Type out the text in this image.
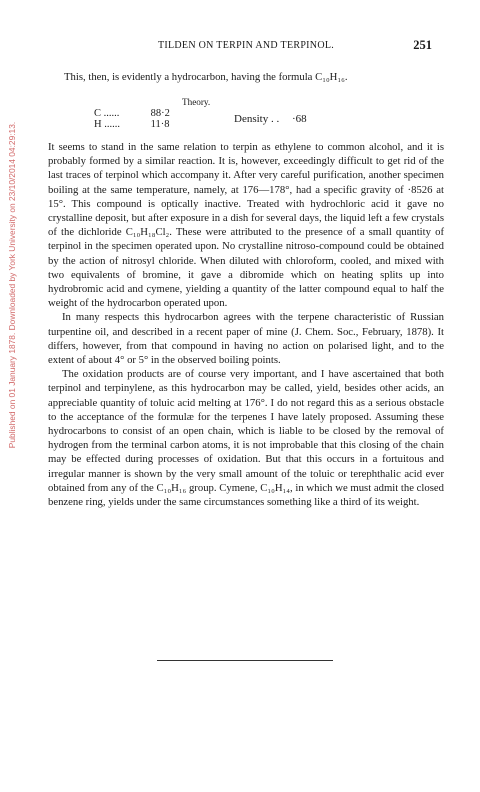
Published on 01 January 1878. Downloaded by York University on 23/10/2014 04:29:13.
TILDEN ON TERPIN AND TERPINOL.	251

This, then, is evidently a hydrocarbon, having the formula C₁₀H₁₆.

Theory.
C ......	88·2
H ......	11·8	Density . . ·68

It seems to stand in the same relation to terpin as ethylene to common alcohol, and it is probably formed by a similar reaction. It is, however, exceedingly difficult to get rid of the last traces of terpinol which accompany it. After very careful purification, another specimen boiling at the same temperature, namely, at 176—178°, had a specific gravity of ·8526 at 15°. This compound is optically inactive. Treated with hydrochloric acid it gave no crystalline deposit, but after exposure in a dish for several days, the liquid left a few crystals of the dichloride C₁₀H₁₈Cl₂. These were attributed to the presence of a small quantity of terpinol in the specimen operated upon. No crystalline nitroso-compound could be obtained by the action of nitrosyl chloride. When diluted with chloroform, cooled, and mixed with two equivalents of bromine, it gave a dibromide which on heating splits up into hydrobromic acid and cymene, yielding a quantity of the latter compound equal to half the weight of the hydrocarbon operated upon.

In many respects this hydrocarbon agrees with the terpene characteristic of Russian turpentine oil, and described in a recent paper of mine (J. Chem. Soc., February, 1878). It differs, however, from that compound in having no action on polarised light, and to the extent of about 4° or 5° in the observed boiling points.

The oxidation products are of course very important, and I have ascertained that both terpinol and terpinylene, as this hydrocarbon may be called, yield, besides other acids, an appreciable quantity of toluic acid melting at 176°. I do not regard this as a serious obstacle to the acceptance of the formulæ for the terpenes I have lately proposed. Assuming these hydrocarbons to consist of an open chain, which is liable to be closed by the removal of hydrogen from the terminal carbon atoms, it is not improbable that this closing of the chain may be effected during processes of oxidation. But that this occurs in a fortuitous and irregular manner is shown by the very small amount of the toluic or terephthalic acid ever obtained from any of the C₁₀H₁₆ group. Cymene, C₁₀H₁₄, in which we must admit the closed benzene ring, yields under the same circumstances something like a third of its weight.
